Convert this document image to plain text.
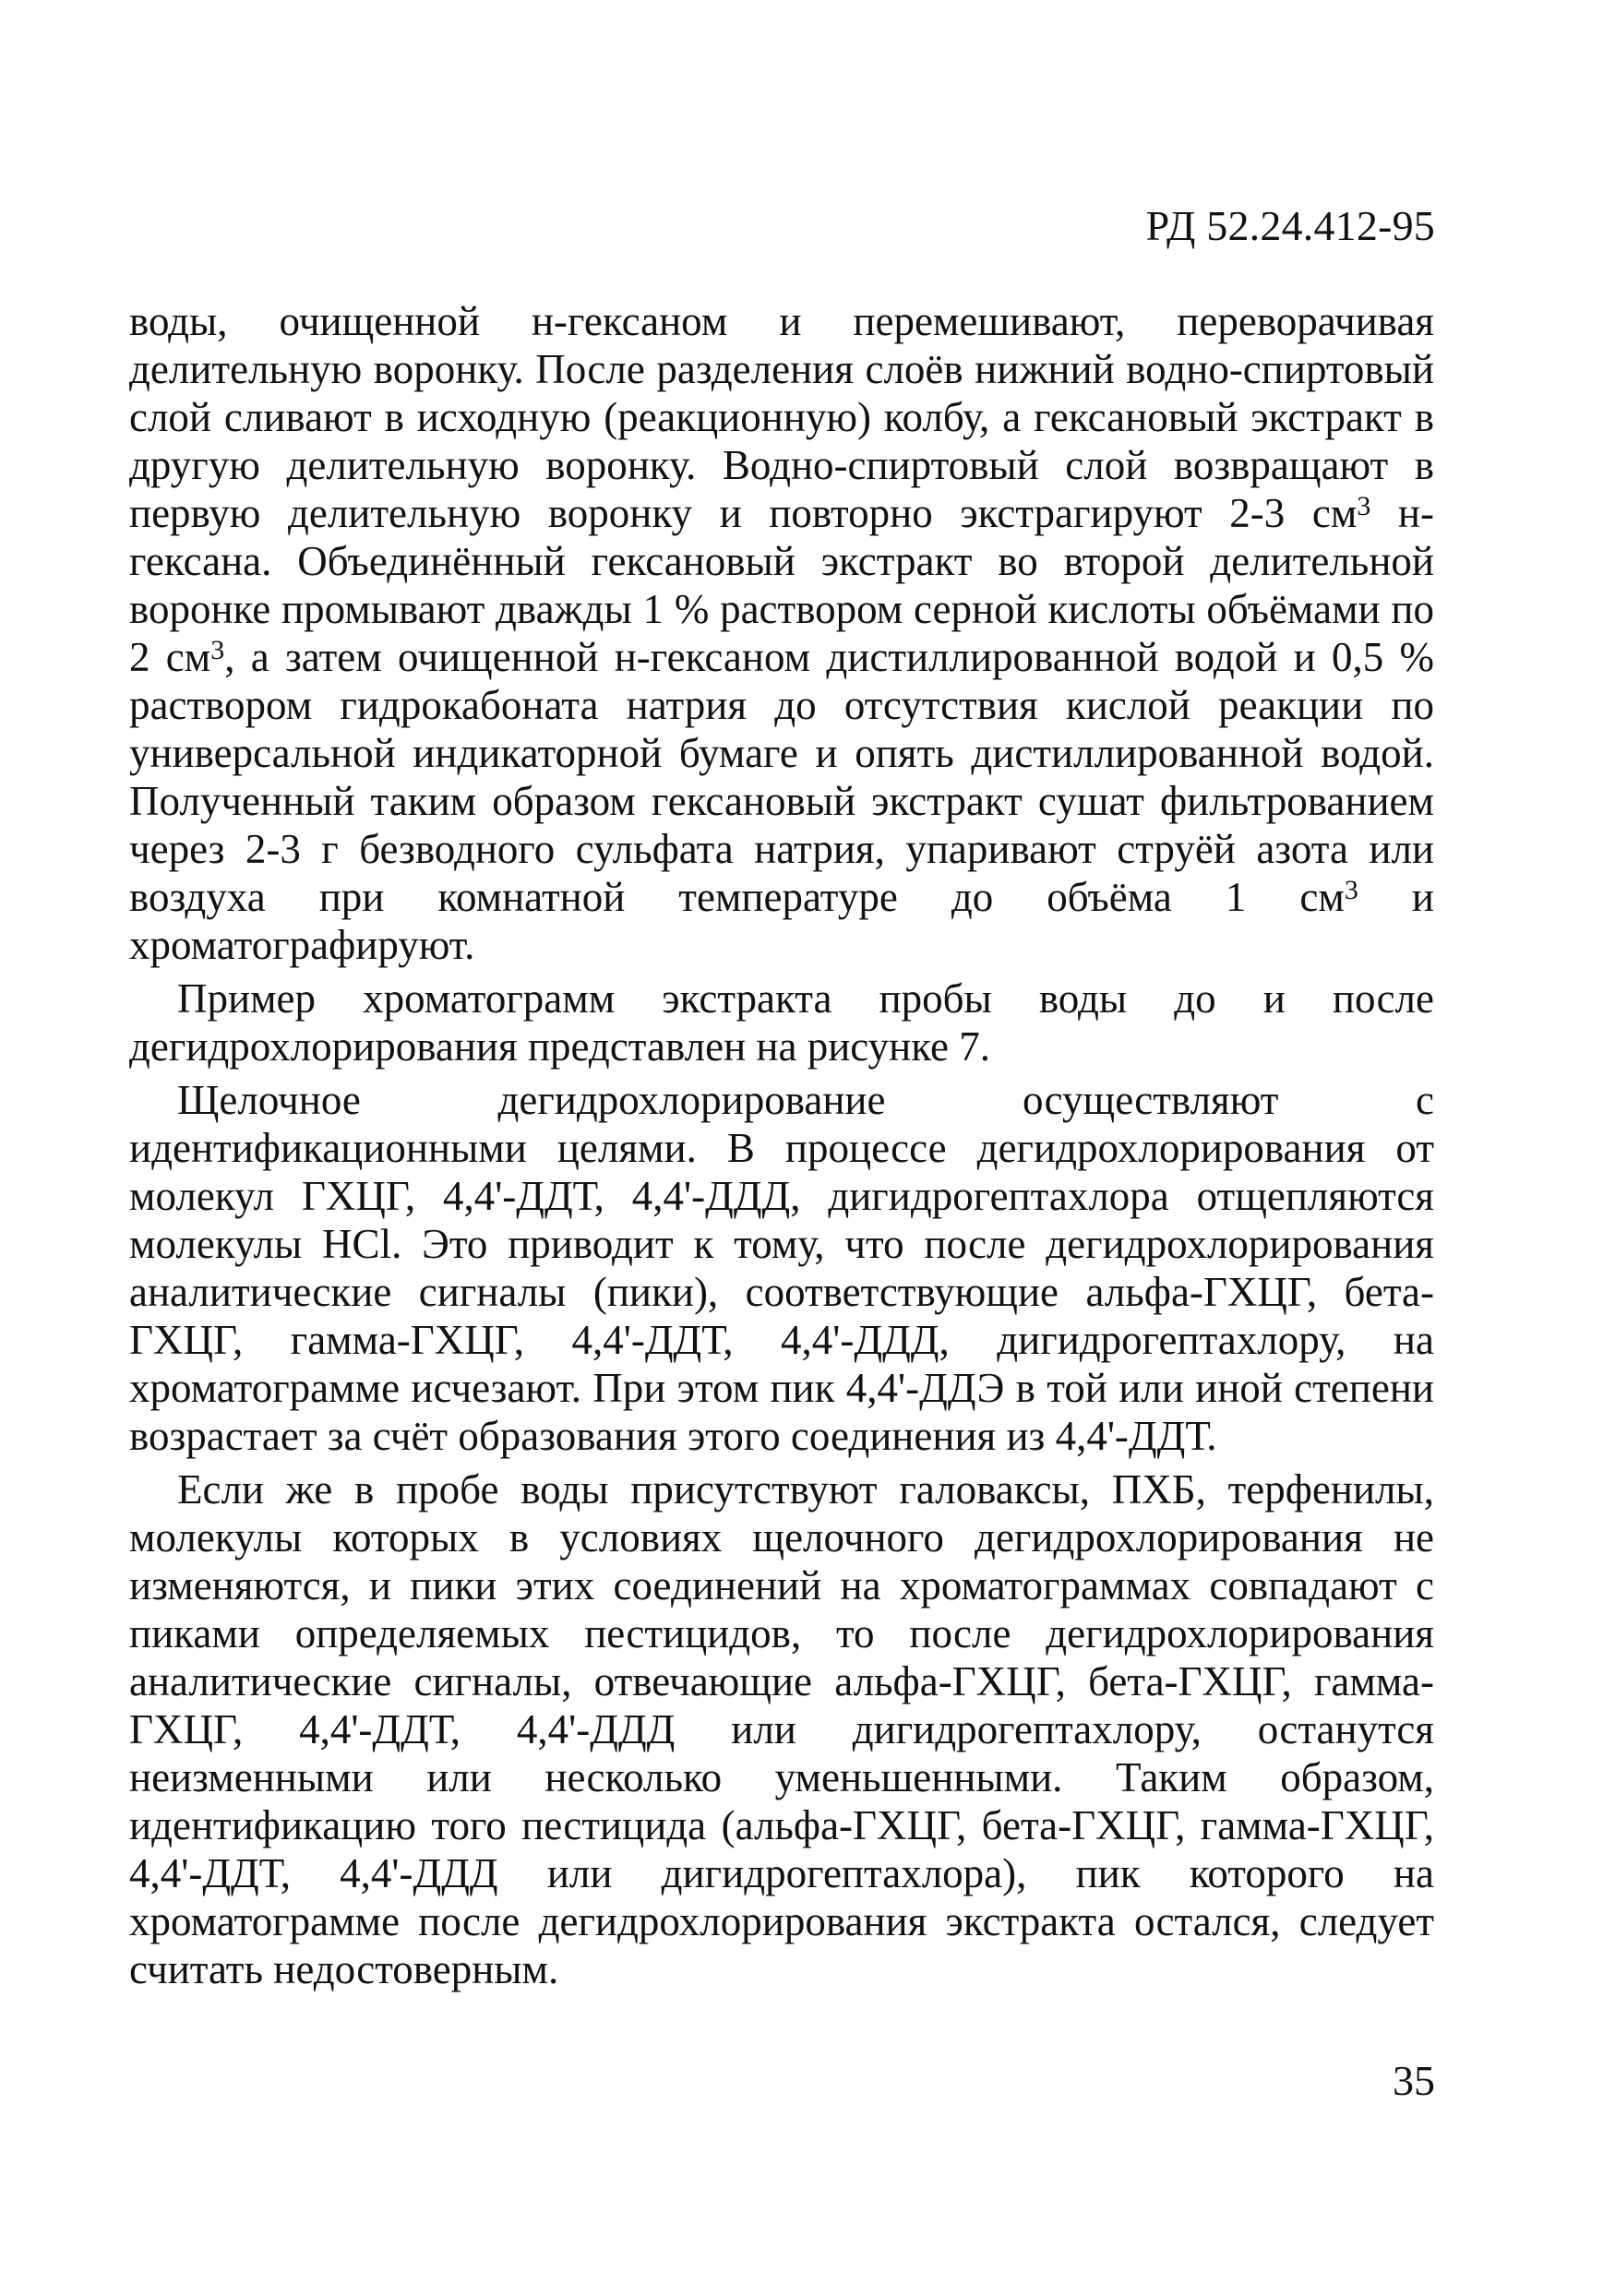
РД 52.24.412-95

воды, очищенной н-гексаном и перемешивают, переворачивая делительную воронку. После разделения слоёв нижний водно-спиртовый слой сливают в исходную (реакционную) колбу, а гексановый экстракт в другую делительную воронку. Водно-спиртовый слой возвращают в первую делительную воронку и повторно экстрагируют 2-3 $см^3$ н-гексана. Объединённый гексановый экстракт во второй делительной воронке промывают дважды 1 % раствором серной кислоты объёмами по 2 $см^3$, а затем очищенной н-гексаном дистиллированной водой и 0,5 % раствором гидрокабоната натрия до отсутствия кислой реакции по универсальной индикаторной бумаге и опять дистиллированной водой. Полученный таким образом гексановый экстракт сушат фильтрованием через 2-3 г безводного сульфата натрия, упаривают струёй азота или воздуха при комнатной температуре до объёма 1 $см^3$ и хроматографируют.

Пример хроматограмм экстракта пробы воды до и после дегидрохлорирования представлен на рисунке 7.

Щелочное дегидрохлорирование осуществляют с идентификационными целями. В процессе дегидрохлорирования от молекул ГХЦГ, 4,4'-ДДТ, 4,4'-ДДД, дигидрогептахлора отщепляются молекулы HCl. Это приводит к тому, что после дегидрохлорирования аналитические сигналы (пики), соответствующие альфа-ГХЦГ, бета-ГХЦГ, гамма-ГХЦГ, 4,4'-ДДТ, 4,4'-ДДД, дигидрогептахлору, на хроматограмме исчезают. При этом пик 4,4'-ДДЭ в той или иной степени возрастает за счёт образования этого соединения из 4,4'-ДДТ.

Если же в пробе воды присутствуют галоваксы, ПХБ, терфенилы, молекулы которых в условиях щелочного дегидрохлорирования не изменяются, и пики этих соединений на хроматограммах совпадают с пиками определяемых пестицидов, то после дегидрохлорирования аналитические сигналы, отвечающие альфа-ГХЦГ, бета-ГХЦГ, гамма-ГХЦГ, 4,4'-ДДТ, 4,4'-ДДД или дигидрогептахлору, останутся неизменными или несколько уменьшенными. Таким образом, идентификацию того пестицида (альфа-ГХЦГ, бета-ГХЦГ, гамма-ГХЦГ, 4,4'-ДДТ, 4,4'-ДДД или дигидрогептахлора), пик которого на хроматограмме после дегидрохлорирования экстракта остался, следует считать недостоверным.

35
